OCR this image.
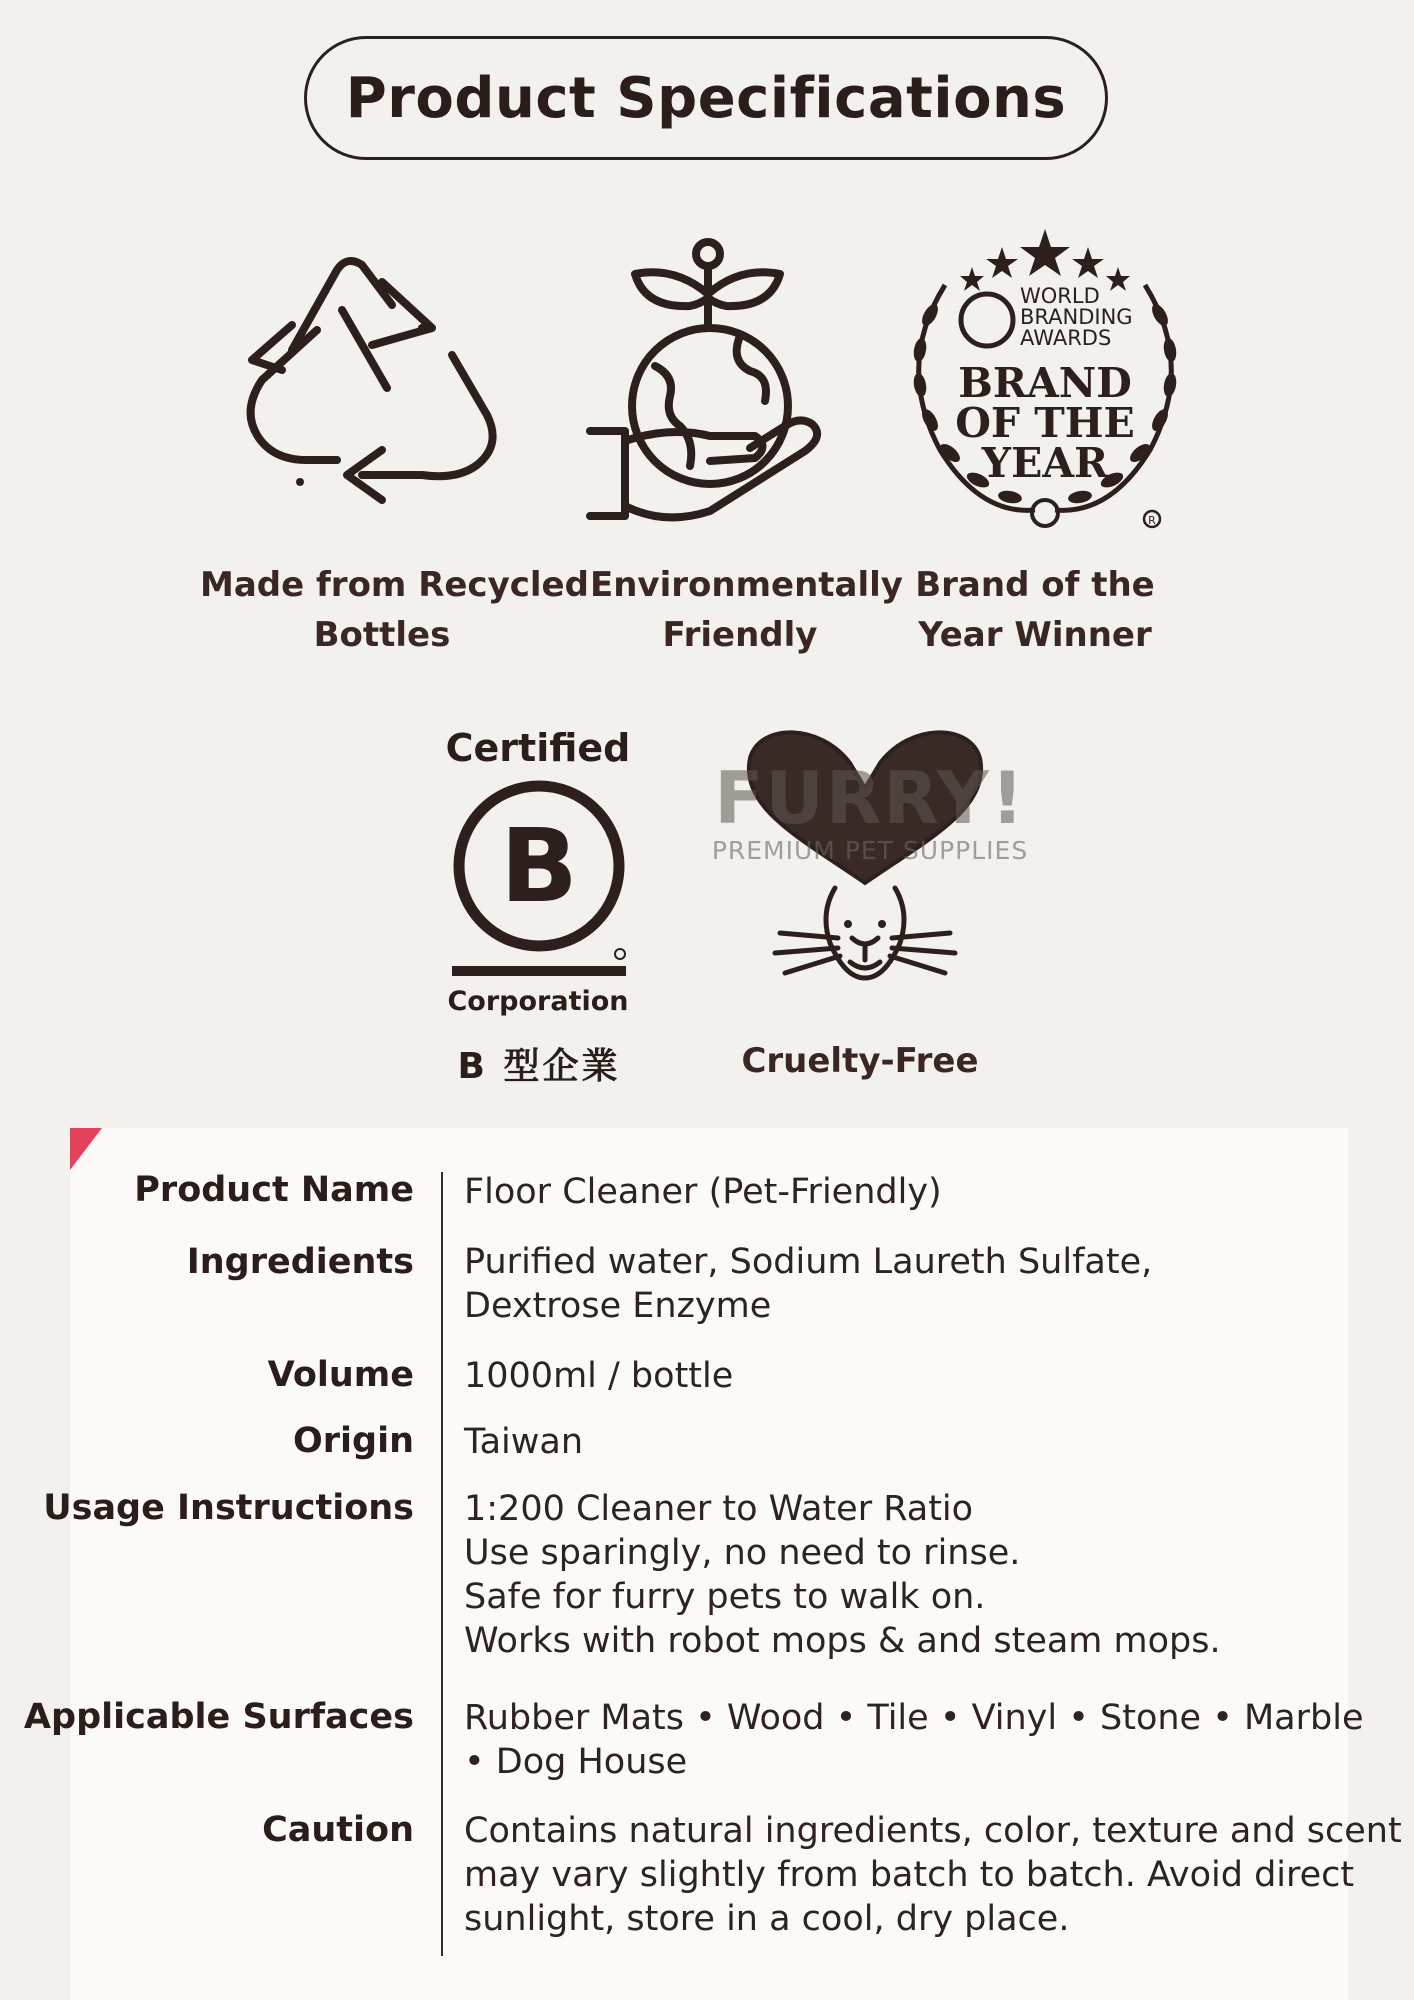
Product Specifications
Made from Recycled
Bottles
Environmentally
Friendly
WORLD
BRANDING
AWARDS
BRAND
OF THE
YEAR
R
Brand of the
Year Winner
Certified
B
Corporation
B 型企業	Cruelty-Free
FURRY!
PREMIUM PET SUPPLIES
Product Name Floor Cleaner (Pet-Friendly)
Ingredients Purified water, Sodium Laureth Sulfate,
Dextrose Enzyme
Volume 1000ml / bottle
Origin Taiwan
Usage Instructions 1:200 Cleaner to Water Ratio
Use sparingly, no need to rinse.
Safe for furry pets to walk on.
Works with robot mops & and steam mops.
Applicable Surfaces Rubber Mats • Wood • Tile • Vinyl • Stone • Marble
• Dog House
Caution Contains natural ingredients, color, texture and scent
may vary slightly from batch to batch. Avoid direct
sunlight, store in a cool, dry place.
